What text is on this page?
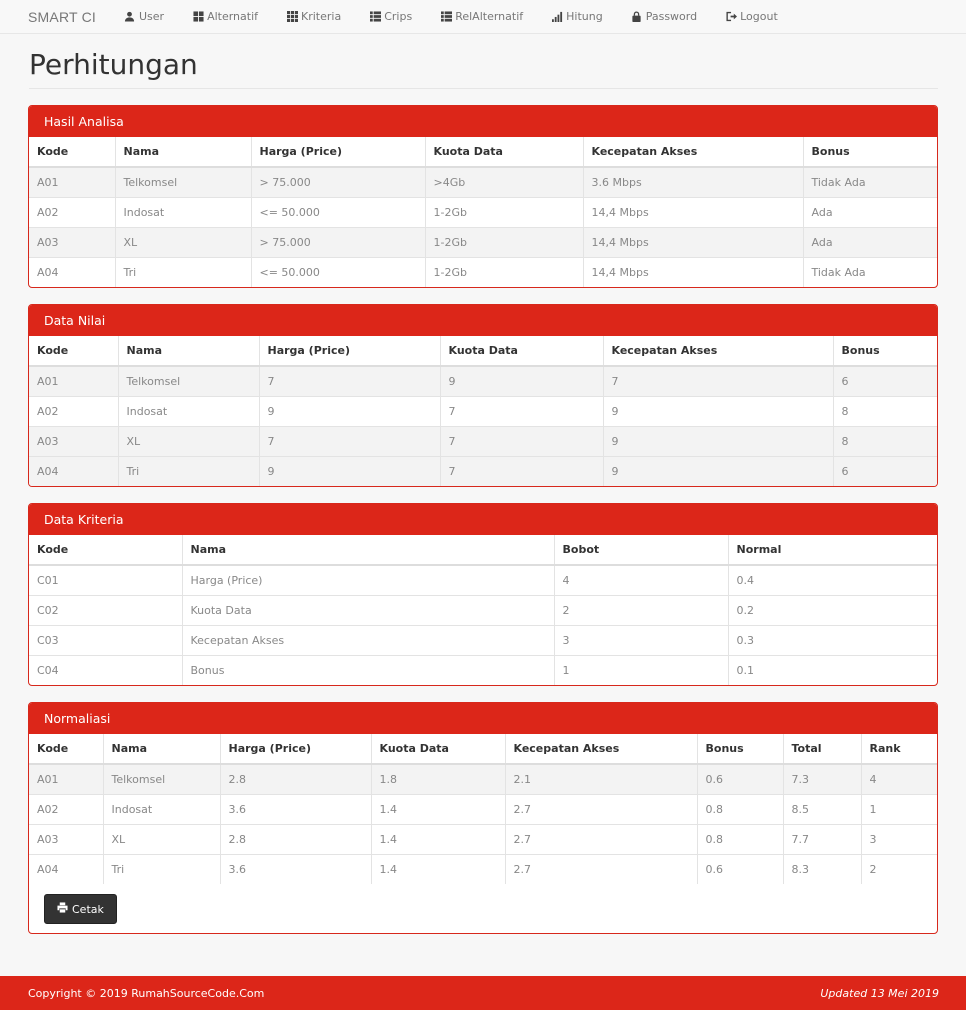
SMART CI	User	Alternatif	Kriteria	Crips	RelAlternatif	Hitung	Password	Logout
Perhitungan
Hasil Analisa
Kode	Nama	Harga (Price)	Kuota Data	Kecepatan Akses	Bonus
A01	Telkomsel	> 75.000	>4Gb	3.6 Mbps	Tidak Ada
A02	Indosat	<= 50.000	1-2Gb	14,4 Mbps	Ada
A03	XL	> 75.000	1-2Gb	14,4 Mbps	Ada
A04	Tri	<= 50.000	1-2Gb	14,4 Mbps	Tidak Ada
Data Nilai
Kode	Nama	Harga (Price)	Kuota Data	Kecepatan Akses	Bonus
A01	Telkomsel	7	9	7	6
A02	Indosat	9	7	9	8
A03	XL	7	7	9	8
A04	Tri	9	7	9	6
Data Kriteria
Kode	Nama	Bobot	Normal
C01	Harga (Price)	4	0.4
C02	Kuota Data	2	0.2
C03	Kecepatan Akses	3	0.3
C04	Bonus	1	0.1
Normaliasi
Kode	Nama	Harga (Price)	Kuota Data	Kecepatan Akses	Bonus	Total	Rank
A01	Telkomsel	2.8	1.8	2.1	0.6	7.3	4
A02	Indosat	3.6	1.4	2.7	0.8	8.5	1
A03	XL	2.8	1.4	2.7	0.8	7.7	3
A04	Tri	3.6	1.4	2.7	0.6	8.3	2
Cetak
Copyright © 2019 RumahSourceCode.Com	Updated 13 Mei 2019
